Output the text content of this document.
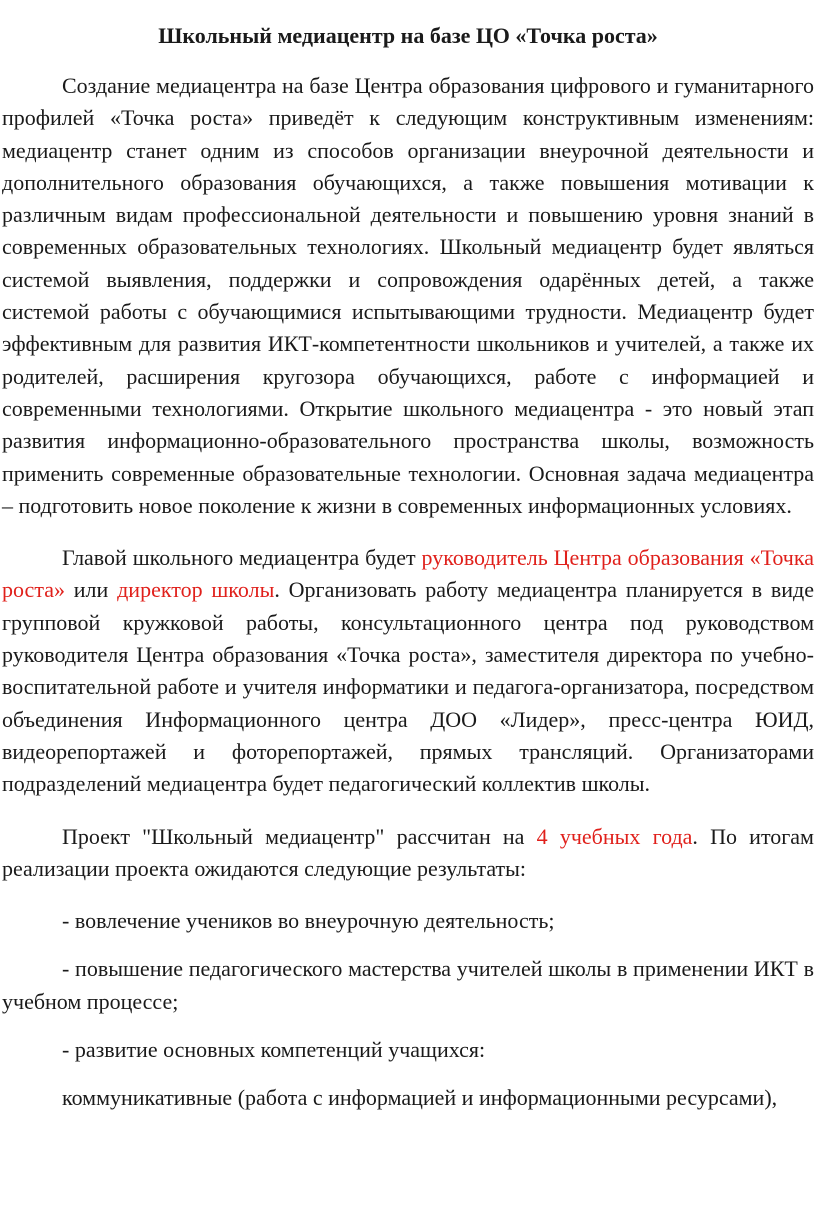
Школьный медиацентр на базе ЦО «Точка роста»

Создание медиацентра на базе Центра образования цифрового и гуманитарного профилей «Точка роста» приведёт к следующим конструктивным изменениям: медиацентр станет одним из способов организации внеурочной деятельности и дополнительного образования обучающихся, а также повышения мотивации к различным видам профессиональной деятельности и повышению уровня знаний в современных образовательных технологиях. Школьный медиацентр будет являться системой выявления, поддержки и сопровождения одарённых детей, а также системой работы с обучающимися испытывающими трудности. Медиацентр будет эффективным для развития ИКТ-компетентности школьников и учителей, а также их родителей, расширения кругозора обучающихся, работе с информацией и современными технологиями. Открытие школьного медиацентра - это новый этап развития информационно-образовательного пространства школы, возможность применить современные образовательные технологии. Основная задача медиацентра – подготовить новое поколение к жизни в современных информационных условиях.

Главой школьного медиацентра будет руководитель Центра образования «Точка роста» или директор школы. Организовать работу медиацентра планируется в виде групповой кружковой работы, консультационного центра под руководством руководителя Центра образования «Точка роста», заместителя директора по учебно-воспитательной работе и учителя информатики и педагога-организатора, посредством объединения Информационного центра ДОО «Лидер», пресс-центра ЮИД, видеорепортажей и фоторепортажей, прямых трансляций. Организаторами подразделений медиацентра будет педагогический коллектив школы.

Проект "Школьный медиацентр" рассчитан на 4 учебных года. По итогам реализации проекта ожидаются следующие результаты:

- вовлечение учеников во внеурочную деятельность;

- повышение педагогического мастерства учителей школы в применении ИКТ в учебном процессе;

- развитие основных компетенций учащихся:

коммуникативные (работа с информацией и информационными ресурсами),
